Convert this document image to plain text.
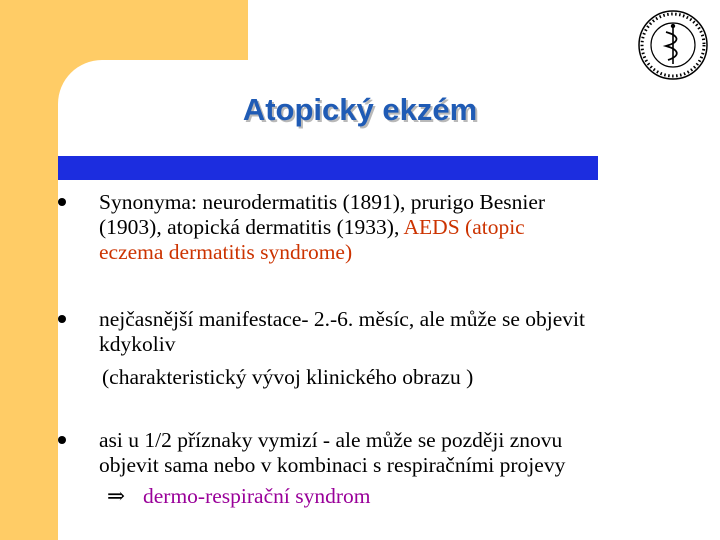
Atopický ekzém
Synonyma: neurodermatitis (1891), prurigo Besnier
(1903), atopická dermatitis (1933), AEDS (atopic
eczema dermatitis syndrome)
nejčasnější manifestace- 2.-6. měsíc, ale může se objevit
kdykoliv
(charakteristický vývoj klinického obrazu )
asi u 1/2 příznaky vymizí - ale může se později znovu
objevit sama nebo v kombinaci s respiračními projevy
⇒ dermo-respirační syndrom
